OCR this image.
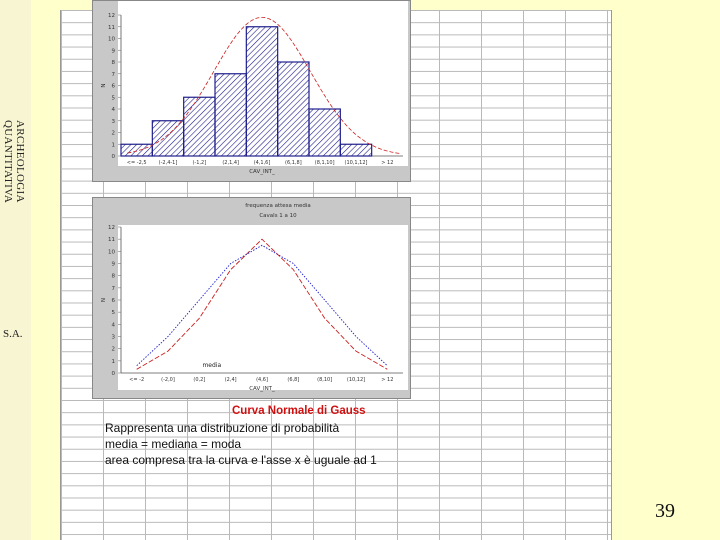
ARCHEOLOGIA QUANTITATIVA
S.A.
0
1
2
3
4
5
6
7
8
9
10
11
12
<= -2,5 (-2,4-1]	(-1,2]	(2,1,4]	(4,1,6]	(6,1,8]	(8,1,10] (10,1,12]	> 12
CAV_INT_
N
frequenza attesa media
Cavals 1 a 10
0
1
2
3
4
5
6
7
8
9
10
11
12
<= -2	(-2,0]	(0,2]	(2,4]	(4,6]	(6,8]	(8,10]	(10,12]	> 12
CAV_INT_
N
media
Curva Normale di Gauss
Rappresenta una distribuzione di probabilità
media = mediana = moda
area compresa tra la curva e l'asse x è uguale ad 1
39
